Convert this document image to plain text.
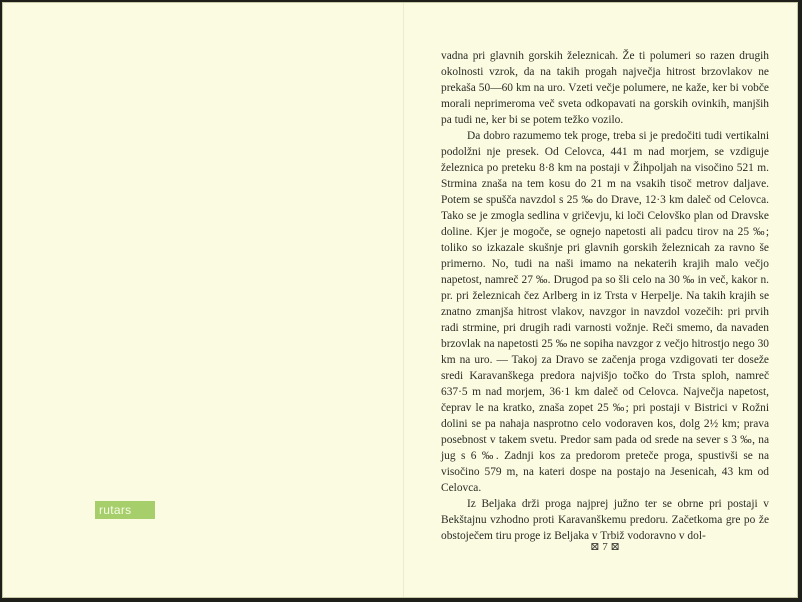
vadna pri glavnih gorskih železnicah. Že ti polumeri so razen drugih okolnosti vzrok, da na takih progah največja hitrost brzovlakov ne prekaša 50—60 km na uro. Vzeti večje polumere, ne kaže, ker bi vobče morali neprimeroma več sveta odkopavati na gorskih ovinkih, manjših pa tudi ne, ker bi se potem težko vozilo.

Da dobro razumemo tek proge, treba si je predočiti tudi vertikalni podolžni nje presek. Od Celovca, 441 m nad morjem, se vzdiguje železnica po preteku 8·8 km na postaji v Žihpoljah na visočino 521 m. Strmina znaša na tem kosu do 21 m na vsakih tisoč metrov daljave. Potem se spušča navzdol s 25 ‰ do Drave, 12·3 km daleč od Celovca. Tako se je zmogla sedlina v gričevju, ki loči Celovško plan od Dravske doline. Kjer je mogoče, se ognejo napetosti ali padcu tirov na 25 ‰; toliko so izkazale skušnje pri glavnih gorskih železnicah za ravno še primerno. No, tudi na naši imamo na nekaterih krajih malo večjo napetost, namreč 27 ‰. Drugod pa so šli celo na 30 ‰ in več, kakor n. pr. pri železnicah čez Arlberg in iz Trsta v Herpelje. Na takih krajih se znatno zmanjša hitrost vlakov, navzgor in navzdol vozečih: pri prvih radi strmine, pri drugih radi varnosti vožnje. Reči smemo, da navaden brzovlak na napetosti 25 ‰ ne sopiha navzgor z večjo hitrostjo nego 30 km na uro. — Takoj za Dravo se začenja proga vzdigovati ter doseže sredi Karavanškega predora najvišjo točko do Trsta sploh, namreč 637·5 m nad morjem, 36·1 km daleč od Celovca. Največja napetost, čeprav le na kratko, znaša zopet 25 ‰; pri postaji v Bistrici v Rožni dolini se pa nahaja nasprotno celo vodoraven kos, dolg 2½ km; prava posebnost v takem svetu. Predor sam pada od srede na sever s 3 ‰, na jug s 6 ‰. Zadnji kos za predorom preteče proga, spustivši se na visočino 579 m, na kateri dospe na postajo na Jesenicah, 43 km od Celovca.

Iz Beljaka drži proga najprej južno ter se obrne pri postaji v Bekštajnu vzhodno proti Karavanškemu predoru. Začetkoma gre po že obstoječem tiru proge iz Beljaka v Trbiž vodoravno v dol-

rutars
⊠ 7 ⊠
